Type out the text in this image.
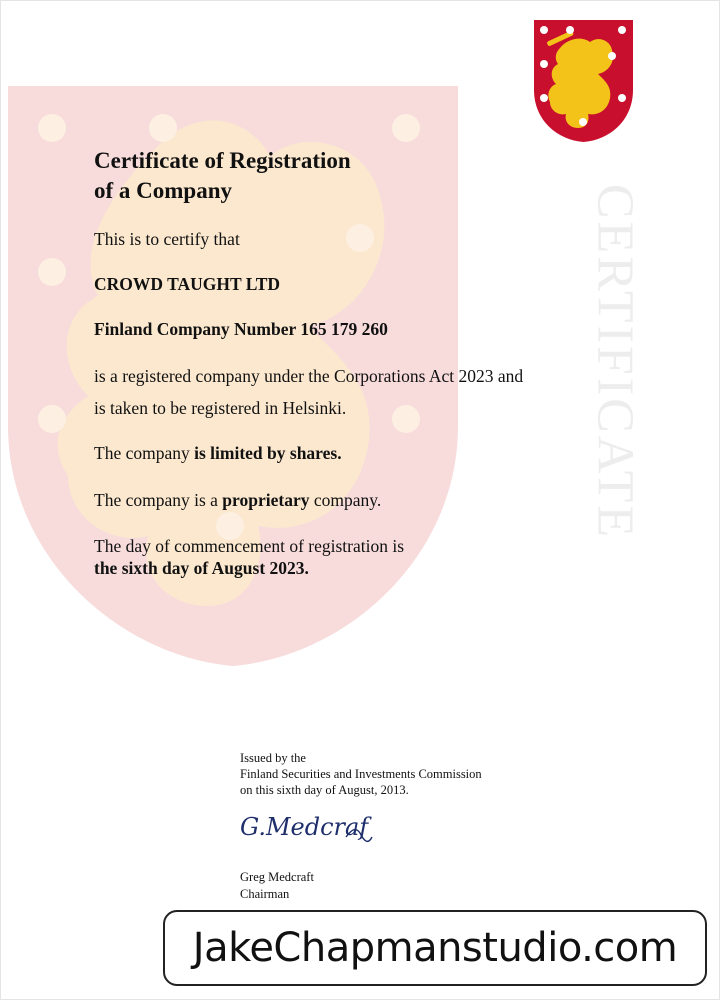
CERTIFICATE
Certificate of Registration
of a Company
This is to certify that
CROWD TAUGHT LTD
Finland Company Number 165 179 260
is a registered company under the Corporations Act 2023 and
is taken to be registered in Helsinki.
The company is limited by shares.
The company is a proprietary company.
The day of commencement of registration is
the sixth day of August 2023.
Issued by the
Finland Securities and Investments Commission
on this sixth day of August, 2013.
G.Medcraf
Greg Medcraft
Chairman
JakeChapmanstudio.com
